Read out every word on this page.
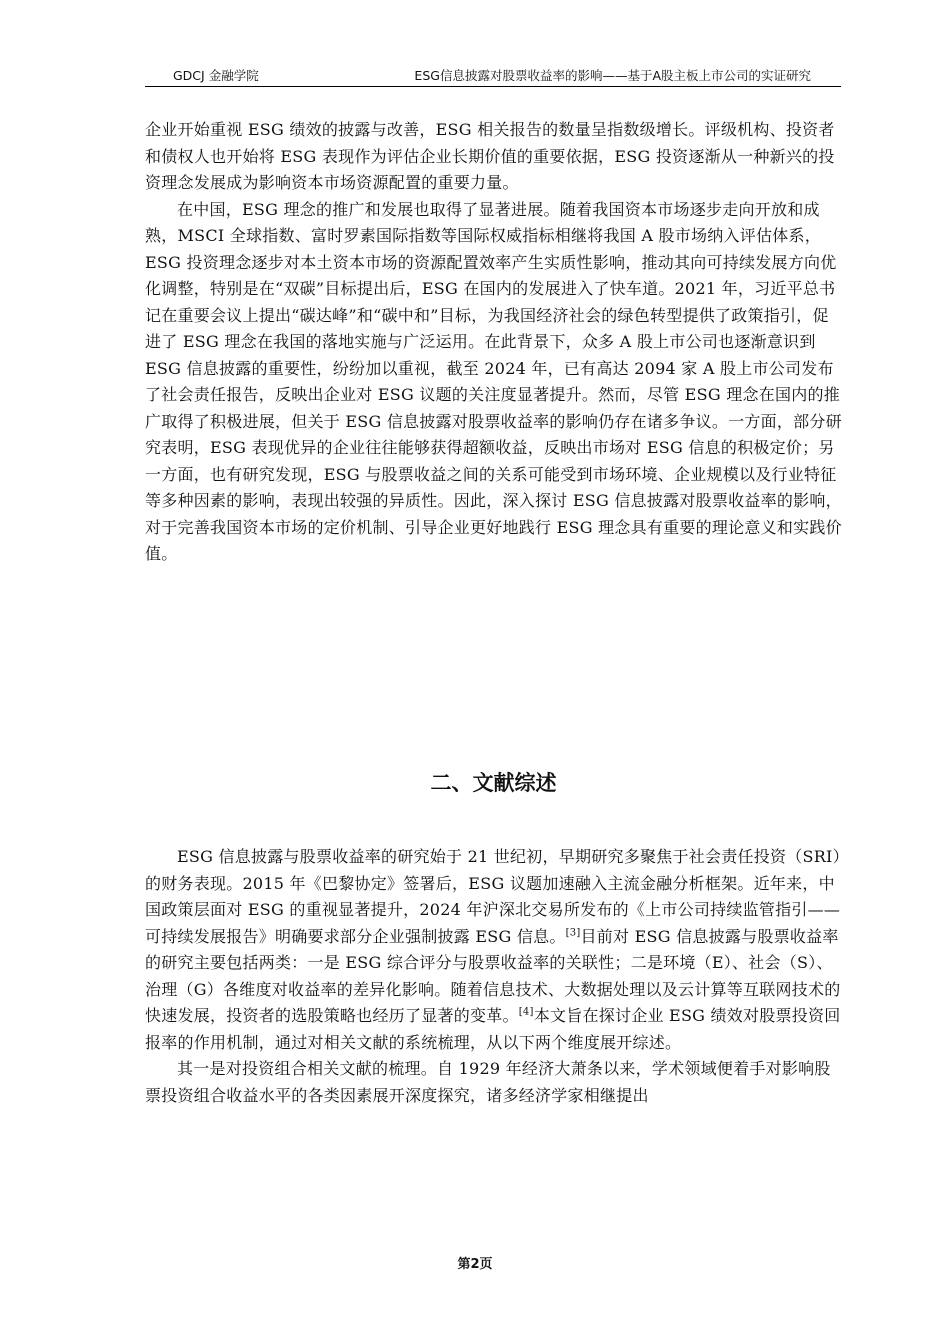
GDCJ 金融学院	ESG信息披露对股票收益率的影响——基于A股主板上市公司的实证研究

企业开始重视 ESG 绩效的披露与改善，ESG 相关报告的数量呈指数级增长。评级机构、投资者和债权人也开始将 ESG 表现作为评估企业长期价值的重要依据，ESG 投资逐渐从一种新兴的投资理念发展成为影响资本市场资源配置的重要力量。

在中国，ESG 理念的推广和发展也取得了显著进展。随着我国资本市场逐步走向开放和成熟，MSCI 全球指数、富时罗素国际指数等国际权威指标相继将我国 A 股市场纳入评估体系， ESG 投资理念逐步对本土资本市场的资源配置效率产生实质性影响，推动其向可持续发展方向优化调整，特别是在“双碳”目标提出后，ESG 在国内的发展进入了快车道。2021 年，习近平总书记在重要会议上提出“碳达峰”和“碳中和”目标，为我国经济社会的绿色转型提供了政策指引，促进了 ESG 理念在我国的落地实施与广泛运用。在此背景下，众多 A 股上市公司也逐渐意识到 ESG 信息披露的重要性，纷纷加以重视，截至 2024 年，已有高达 2094 家 A 股上市公司发布了社会责任报告，反映出企业对 ESG 议题的关注度显著提升。然而，尽管 ESG 理念在国内的推广取得了积极进展，但关于 ESG 信息披露对股票收益率的影响仍存在诸多争议。一方面，部分研究表明，ESG 表现优异的企业往往能够获得超额收益，反映出市场对 ESG 信息的积极定价；另一方面，也有研究发现，ESG 与股票收益之间的关系可能受到市场环境、企业规模以及行业特征等多种因素的影响，表现出较强的异质性。因此，深入探讨 ESG 信息披露对股票收益率的影响，对于完善我国资本市场的定价机制、引导企业更好地践行 ESG 理念具有重要的理论意义和实践价值。

二、文献综述

ESG 信息披露与股票收益率的研究始于 21 世纪初，早期研究多聚焦于社会责任投资（SRI）的财务表现。2015 年《巴黎协定》签署后，ESG 议题加速融入主流金融分析框架。近年来，中国政策层面对 ESG 的重视显著提升，2024 年沪深北交易所发布的《上市公司持续监管指引——可持续发展报告》明确要求部分企业强制披露 ESG 信息。[3]目前对 ESG 信息披露与股票收益率的研究主要包括两类：一是 ESG 综合评分与股票收益率的关联性；二是环境（E）、社会（S）、治理（G）各维度对收益率的差异化影响。随着信息技术、大数据处理以及云计算等互联网技术的快速发展，投资者的选股策略也经历了显著的变革。[4]本文旨在探讨企业 ESG 绩效对股票投资回报率的作用机制，通过对相关文献的系统梳理，从以下两个维度展开综述。

其一是对投资组合相关文献的梳理。自 1929 年经济大萧条以来，学术领域便着手对影响股票投资组合收益水平的各类因素展开深度探究，诸多经济学家相继提出

第2页
